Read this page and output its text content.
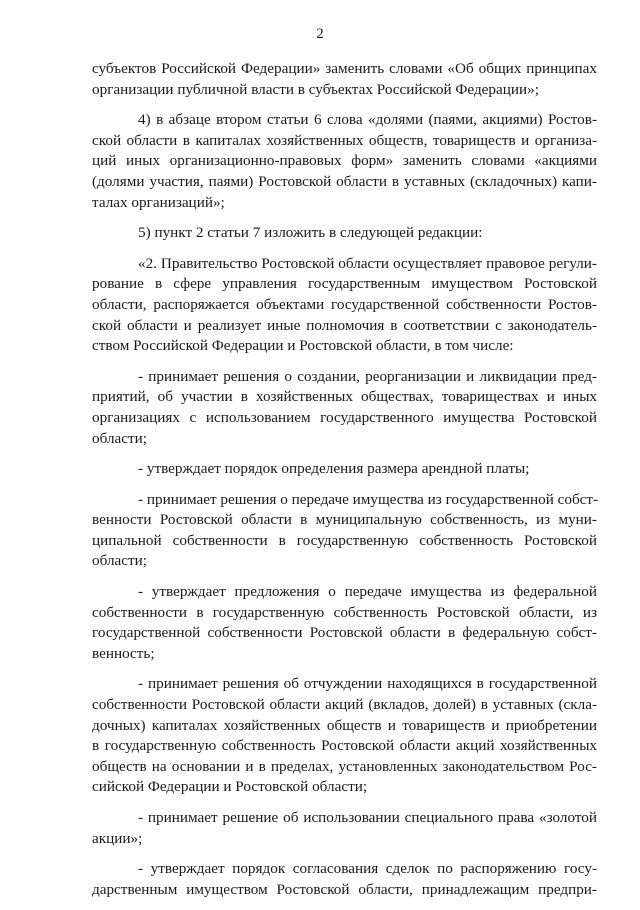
2
субъектов Российской Федерации» заменить словами «Об общих принципах
организации публичной власти в субъектах Российской Федерации»;
4) в абзаце втором статьи 6 слова «долями (паями, акциями) Ростов-
ской области в капиталах хозяйственных обществ, товариществ и организа-
ций иных организационно-правовых форм» заменить словами «акциями
(долями участия, паями) Ростовской области в уставных (складочных) капи-
талах организаций»;
5) пункт 2 статьи 7 изложить в следующей редакции:
«2. Правительство Ростовской области осуществляет правовое регули-
рование в сфере управления государственным имуществом Ростовской
области, распоряжается объектами государственной собственности Ростов-
ской области и реализует иные полномочия в соответствии с законодатель-
ством Российской Федерации и Ростовской области, в том числе:
- принимает решения о создании, реорганизации и ликвидации пред-
приятий, об участии в хозяйственных обществах, товариществах и иных
организациях с использованием государственного имущества Ростовской
области;
- утверждает порядок определения размера арендной платы;
- принимает решения о передаче имущества из государственной собст-
венности Ростовской области в муниципальную собственность, из муни-
ципальной собственности в государственную собственность Ростовской
области;
- утверждает предложения о передаче имущества из федеральной
собственности в государственную собственность Ростовской области, из
государственной собственности Ростовской области в федеральную собст-
венность;
- принимает решения об отчуждении находящихся в государственной
собственности Ростовской области акций (вкладов, долей) в уставных (скла-
дочных) капиталах хозяйственных обществ и товариществ и приобретении
в государственную собственность Ростовской области акций хозяйственных
обществ на основании и в пределах, установленных законодательством Рос-
сийской Федерации и Ростовской области;
- принимает решение об использовании специального права «золотой
акции»;
- утверждает порядок согласования сделок по распоряжению госу-
дарственным имуществом Ростовской области, принадлежащим предпри-
